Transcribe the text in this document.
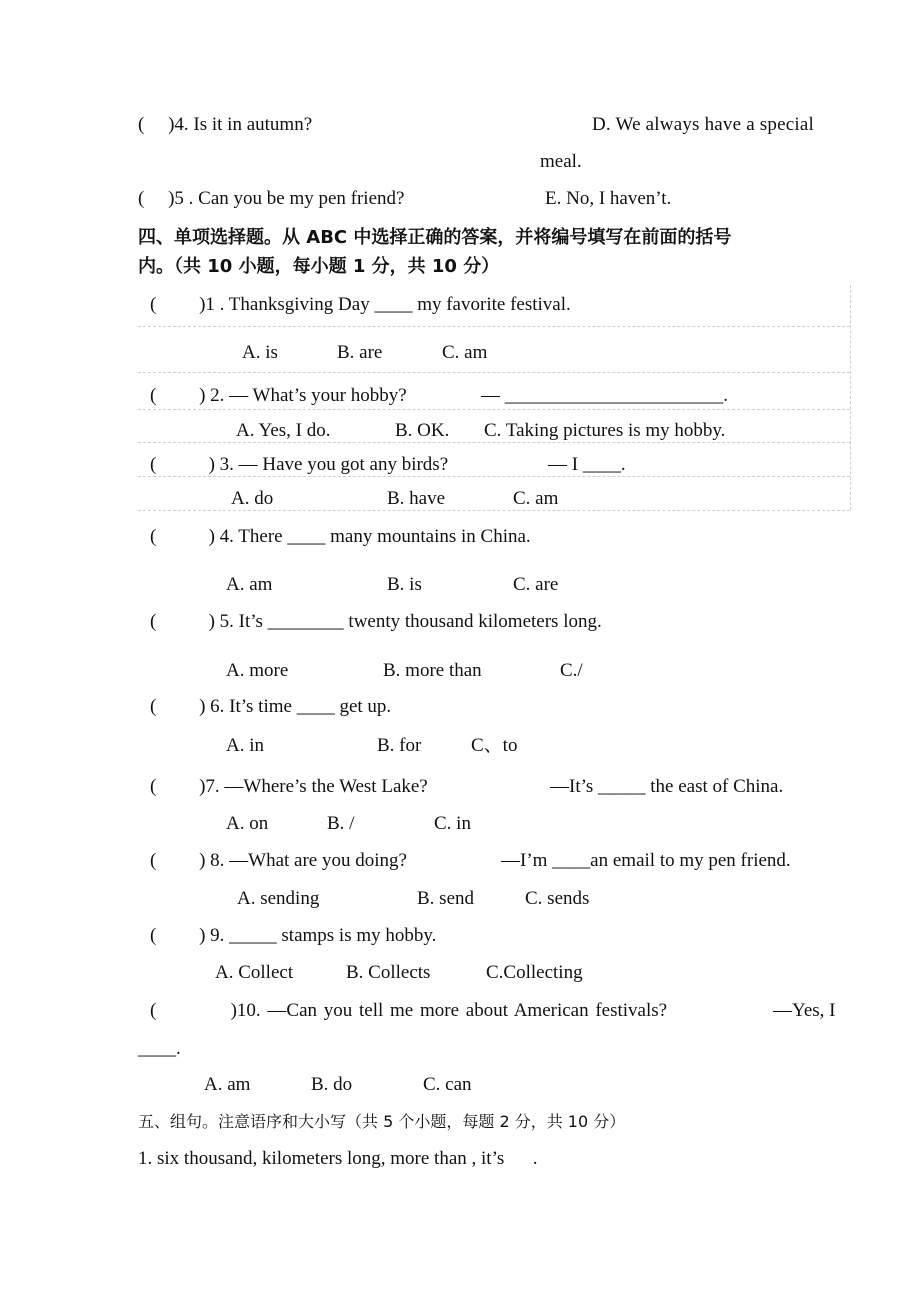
(     )4. Is it in autumn?	D. We always have a special
meal.
(     )5 . Can you be my pen friend?	E. No, I haven’t.
四、单项选择题。从 ABC 中选择正确的答案，并将编号填写在前面的括号
内。（共 10 小题，每小题 1 分，共 10 分）
(         )1 . Thanksgiving Day ____ my favorite festival.
A. is	B. are	C. am
(         ) 2. — What’s your hobby?	— _______________________.
A. Yes, I do.	B. OK. C. Taking pictures is my hobby.
(           ) 3. — Have you got any birds?	— I ____.
A. do	B. have	C. am
(           ) 4. There ____ many mountains in China.
A. am	B. is	C. are
(           ) 5. It’s ________ twenty thousand kilometers long.
A. more	B. more than	C./
(         ) 6. It’s time ____ get up.
A. in	B. for	C、to
(         )7. —Where’s the West Lake?	—It’s _____ the east of China.
A. on	B. /	C. in
(         ) 8. —What are you doing?	—I’m ____an email to my pen friend.
A. sending	B. send	C. sends
(         ) 9. _____ stamps is my hobby.
A. Collect	B. Collects	C.Collecting
(           )10. —Can you tell me more about American festivals?	—Yes, I
____.
A. am	B. do	C. can
五、组句。注意语序和大小写（共 5 个小题，每题 2 分，共 10 分）
1. six thousand, kilometers long, more than , it’s      .
